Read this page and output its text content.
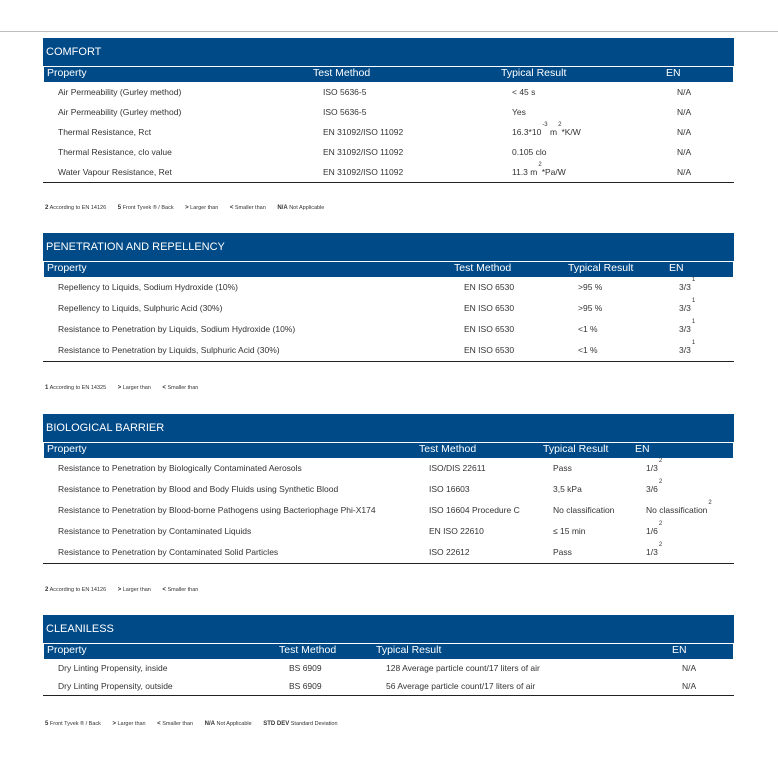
COMFORT
Property	Test Method	Typical Result	EN
Air Permeability (Gurley method)	ISO 5636-5	< 45 s	N/A
Air Permeability (Gurley method)	ISO 5636-5	Yes	N/A
Thermal Resistance, Rct	EN 31092/ISO 11092	$16.3*10^{-3}$ $m^2*K/W$	N/A
Thermal Resistance, clo value	EN 31092/ISO 11092	0.105 clo	N/A
Water Vapour Resistance, Ret	EN 31092/ISO 11092	11.3 $m^2*Pa/W$	N/A
2 According to EN 14126 5 Front Tyvek ® / Back > Larger than < Smaller than N/A Not Applicable
PENETRATION AND REPELLENCY
Property	Test Method	Typical Result	EN
Repellency to Liquids, Sodium Hydroxide (10%)	EN ISO 6530	>95 %	$3/3^1$
Repellency to Liquids, Sulphuric Acid (30%)	EN ISO 6530	>95 %	$3/3^1$
Resistance to Penetration by Liquids, Sodium Hydroxide (10%)	EN ISO 6530	<1 %	$3/3^1$
Resistance to Penetration by Liquids, Sulphuric Acid (30%)	EN ISO 6530	<1 %	$3/3^1$
1 According to EN 14325 > Larger than < Smaller than
BIOLOGICAL BARRIER
Property	Test Method	Typical Result	EN
Resistance to Penetration by Biologically Contaminated Aerosols	ISO/DIS 22611	Pass	$1/3^2$
Resistance to Penetration by Blood and Body Fluids using Synthetic Blood	ISO 16603	3,5 kPa	$3/6^2$
Resistance to Penetration by Blood-borne Pathogens using Bacteriophage Phi-X174	ISO 16604 Procedure C	No classification	No classification$^2$
Resistance to Penetration by Contaminated Liquids	EN ISO 22610	≤ 15 min	$1/6^2$
Resistance to Penetration by Contaminated Solid Particles	ISO 22612	Pass	$1/3^2$
2 According to EN 14126 > Larger than < Smaller than
CLEANILESS
Property	Test Method	Typical Result	EN
Dry Linting Propensity, inside	BS 6909	128 Average particle count/17 liters of air	N/A
Dry Linting Propensity, outside	BS 6909	56 Average particle count/17 liters of air	N/A
5 Front Tyvek ® / Back > Larger than < Smaller than N/A Not Applicable STD DEV Standard Deviation
